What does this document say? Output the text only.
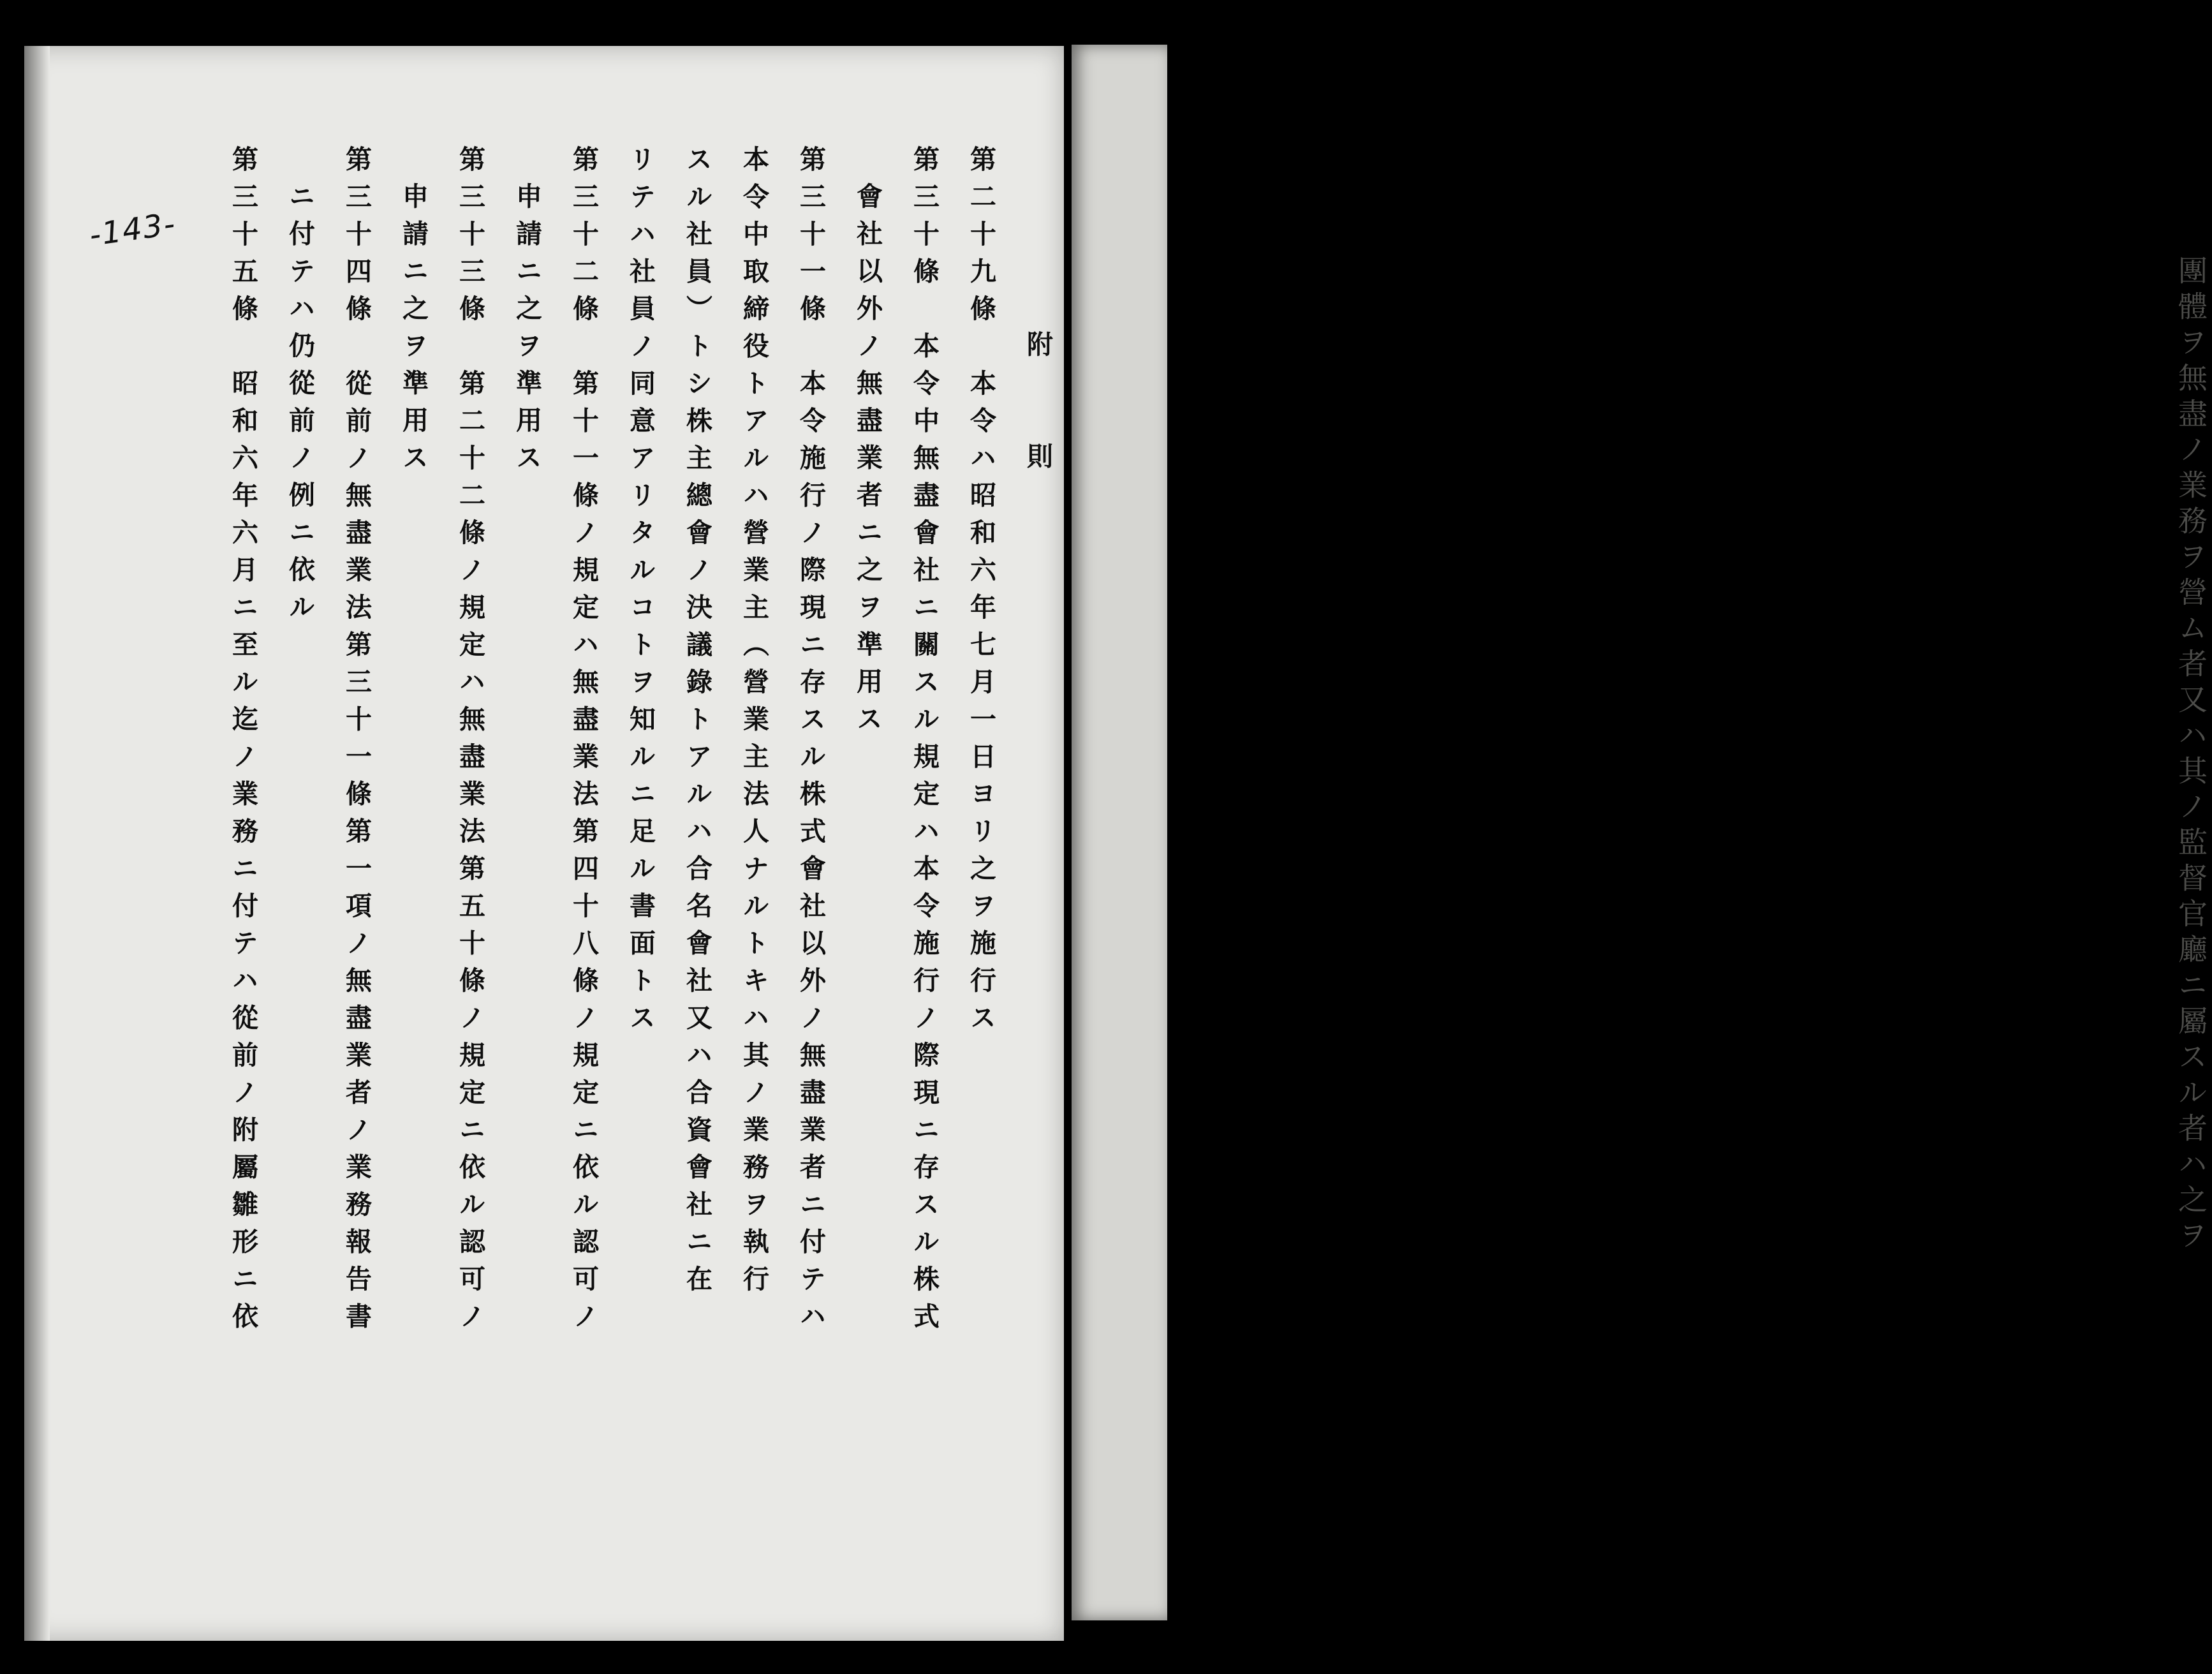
團體ヲ無盡ノ業務ヲ營ム者又ハ其ノ監督官廳ニ屬スル者ハ之ヲ
-143-

附　　則

第二十九條　本令ハ昭和六年七月一日ヨリ之ヲ施行ス

第三十條　本令中無盡會社ニ關スル規定ハ本令施行ノ際現ニ存スル株式

會社以外ノ無盡業者ニ之ヲ準用ス

第三十一條　本令施行ノ際現ニ存スル株式會社以外ノ無盡業者ニ付テハ

本令中取締役トアルハ營業主（營業主法人ナルトキハ其ノ業務ヲ執行

スル社員）トシ株主總會ノ決議錄トアルハ合名會社又ハ合資會社ニ在

リテハ社員ノ同意アリタルコトヲ知ルニ足ル書面トス

第三十二條　第十一條ノ規定ハ無盡業法第四十八條ノ規定ニ依ル認可ノ

申請ニ之ヲ準用ス

第三十三條　第二十二條ノ規定ハ無盡業法第五十條ノ規定ニ依ル認可ノ

申請ニ之ヲ準用ス

第三十四條　從前ノ無盡業法第三十一條第一項ノ無盡業者ノ業務報告書

ニ付テハ仍從前ノ例ニ依ル

第三十五條　昭和六年六月ニ至ル迄ノ業務ニ付テハ從前ノ附屬雛形ニ依
